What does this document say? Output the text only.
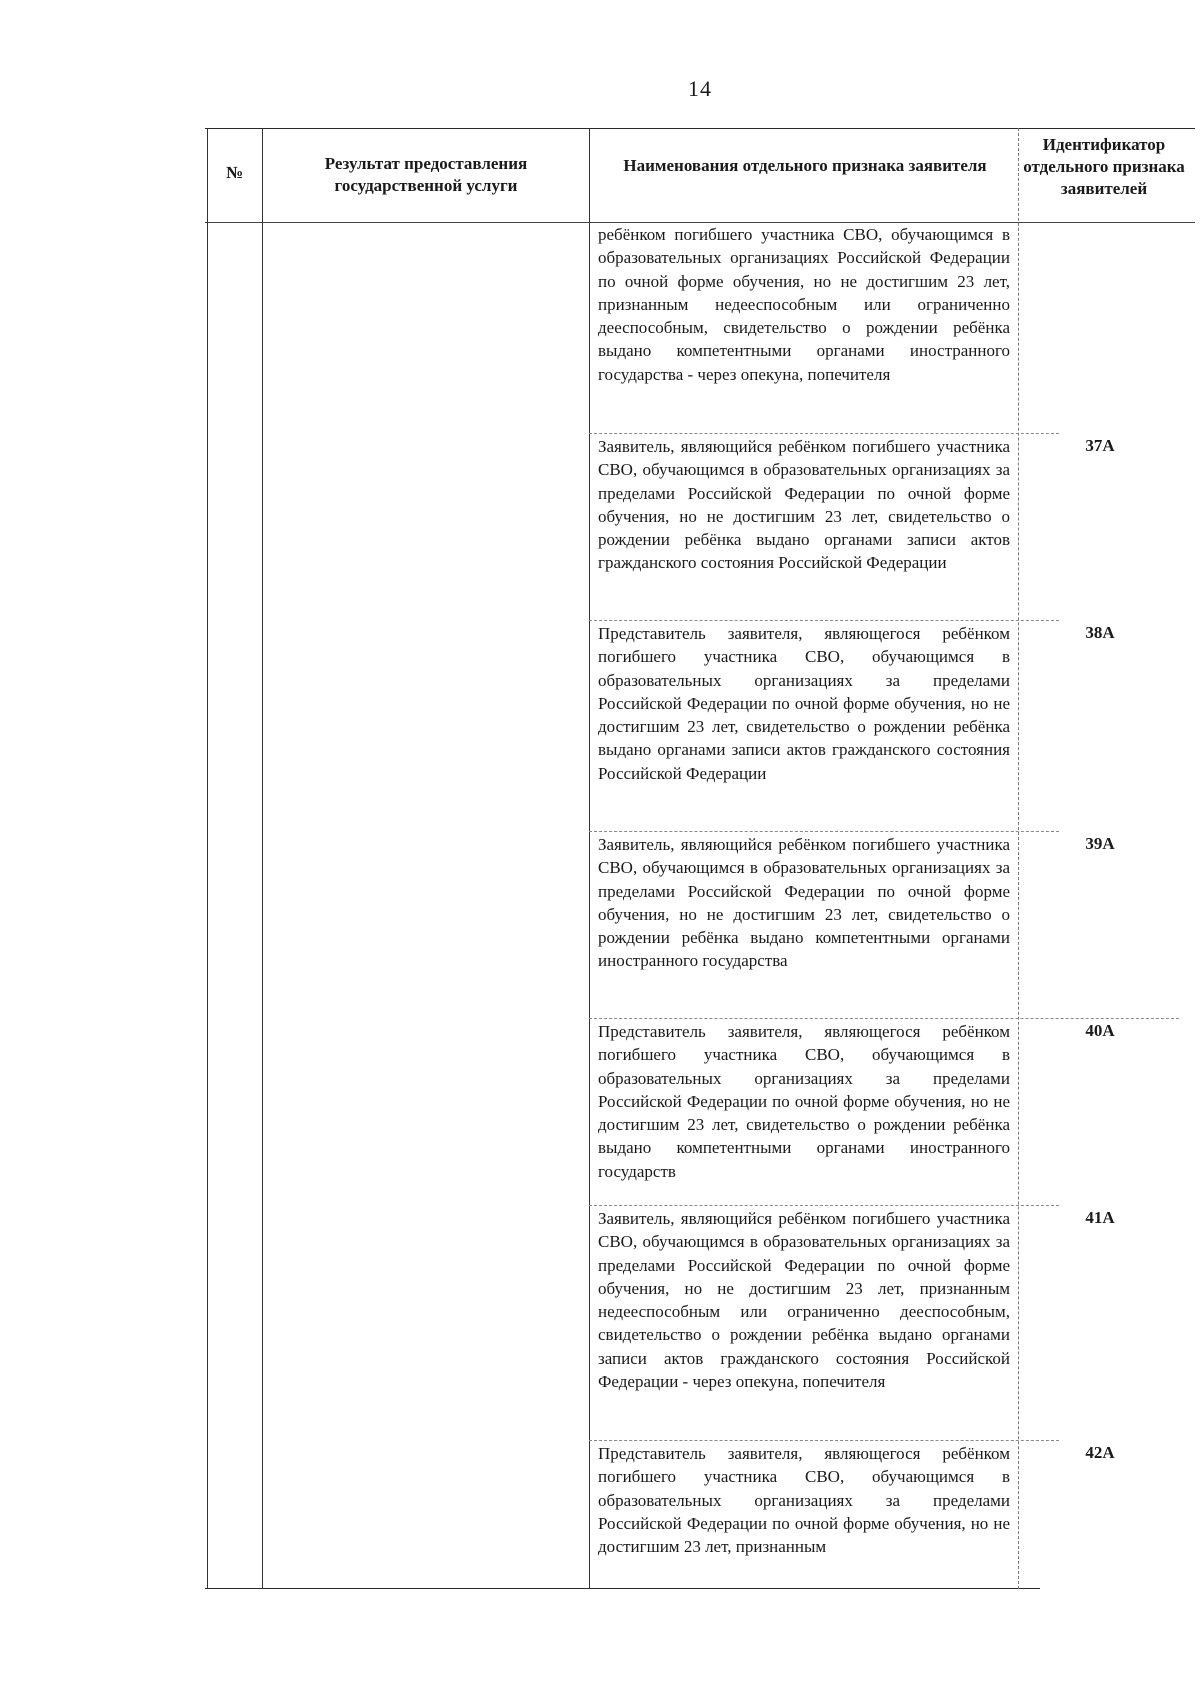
14
№	Результат предоставления государственной услуги
Наименования отдельного признака заявителя
Идентификатор отдельного признака заявителей
ребёнком погибшего участника СВО, обучающимся в образовательных организациях Российской Федерации по очной форме обучения, но не достигшим 23 лет, признанным недееспособным или ограниченно дееспособным, свидетельство о рождении ребёнка выдано компетентными органами иностранного государства - через опекуна, попечителя
Заявитель, являющийся ребёнком погибшего участника СВО, обучающимся в образовательных организациях за пределами Российской Федерации по очной форме обучения, но не достигшим 23 лет, свидетельство о рождении ребёнка выдано органами записи актов гражданского состояния Российской Федерации
37А
Представитель заявителя, являющегося ребёнком погибшего участника СВО, обучающимся в образовательных организациях за пределами Российской Федерации по очной форме обучения, но не достигшим 23 лет, свидетельство о рождении ребёнка выдано органами записи актов гражданского состояния Российской Федерации
38А
Заявитель, являющийся ребёнком погибшего участника СВО, обучающимся в образовательных организациях за пределами Российской Федерации по очной форме обучения, но не достигшим 23 лет, свидетельство о рождении ребёнка выдано компетентными органами иностранного государства
39А
Представитель заявителя, являющегося ребёнком погибшего участника СВО, обучающимся в образовательных организациях за пределами Российской Федерации по очной форме обучения, но не достигшим 23 лет, свидетельство о рождении ребёнка выдано компетентными органами иностранного государств
40А
Заявитель, являющийся ребёнком погибшего участника СВО, обучающимся в образовательных организациях за пределами Российской Федерации по очной форме обучения, но не достигшим 23 лет, признанным недееспособным или ограниченно дееспособным, свидетельство о рождении ребёнка выдано органами записи актов гражданского состояния Российской Федерации - через опекуна, попечителя
41А
Представитель заявителя, являющегося ребёнком погибшего участника СВО, обучающимся в образовательных организациях за пределами Российской Федерации по очной форме обучения, но не достигшим 23 лет, признанным
42А
